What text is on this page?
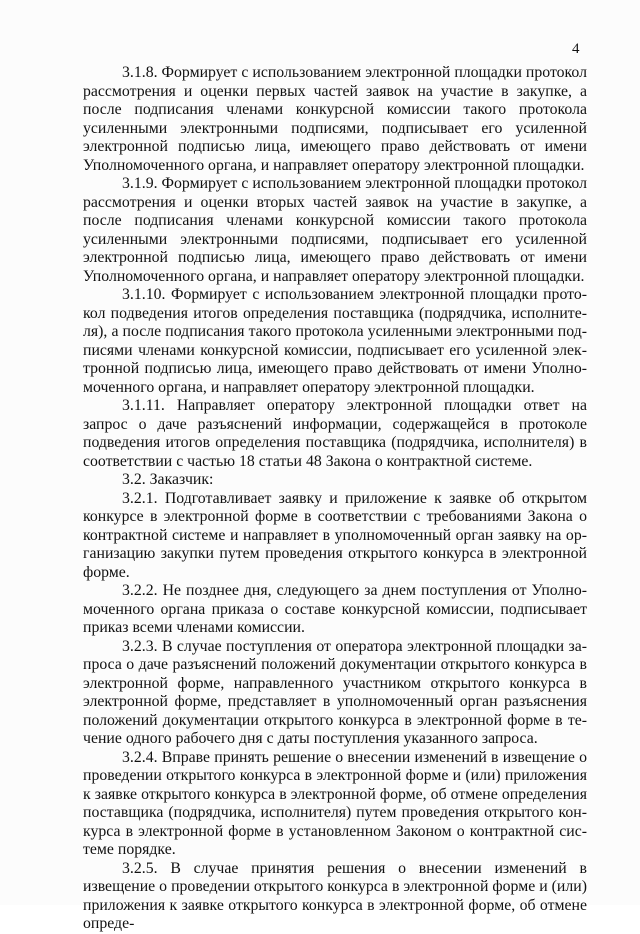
4

3.1.8. Формирует с использованием электронной площадки протокол рассмотрения и оценки первых частей заявок на участие в закупке, а после подписания членами конкурсной комиссии такого протокола усиленными электронными подписями, подписывает его усиленной электронной подписью лица, имеющего право действовать от имени Уполномоченного органа, и направляет оператору электронной площадки.

3.1.9. Формирует с использованием электронной площадки протокол рассмотрения и оценки вторых частей заявок на участие в закупке, а после подписания членами конкурсной комиссии такого протокола усиленными электронными подписями, подписывает его усиленной электронной подписью лица, имеющего право действовать от имени Уполномоченного органа, и направляет оператору электронной площадки.

3.1.10. Формирует с использованием электронной площадки протокол подведения итогов определения поставщика (подрядчика, исполнителя), а после подписания такого протокола усиленными электронными подписями членами конкурсной комиссии, подписывает его усиленной электронной подписью лица, имеющего право действовать от имени Уполномоченного органа, и направляет оператору электронной площадки.

3.1.11. Направляет оператору электронной площадки ответ на запрос о даче разъяснений информации, содержащейся в протоколе подведения итогов определения поставщика (подрядчика, исполнителя) в соответствии с частью 18 статьи 48 Закона о контрактной системе.

3.2. Заказчик:

3.2.1. Подготавливает заявку и приложение к заявке об открытом конкурсе в электронной форме в соответствии с требованиями Закона о контрактной системе и направляет в уполномоченный орган заявку на организацию закупки путем проведения открытого конкурса в электронной форме.

3.2.2. Не позднее дня, следующего за днем поступления от Уполномоченного органа приказа о составе конкурсной комиссии, подписывает приказ всеми членами комиссии.

3.2.3. В случае поступления от оператора электронной площадки запроса о даче разъяснений положений документации открытого конкурса в электронной форме, направленного участником открытого конкурса в электронной форме, представляет в уполномоченный орган разъяснения положений документации открытого конкурса в электронной форме в течение одного рабочего дня с даты поступления указанного запроса.

3.2.4. Вправе принять решение о внесении изменений в извещение о проведении открытого конкурса в электронной форме и (или) приложения к заявке открытого конкурса в электронной форме, об отмене определения поставщика (подрядчика, исполнителя) путем проведения открытого конкурса в электронной форме в установленном Законом о контрактной системе порядке.

3.2.5. В случае принятия решения о внесении изменений в извещение о проведении открытого конкурса в электронной форме и (или) приложения к заявке открытого конкурса в электронной форме, об отмене опреде-
